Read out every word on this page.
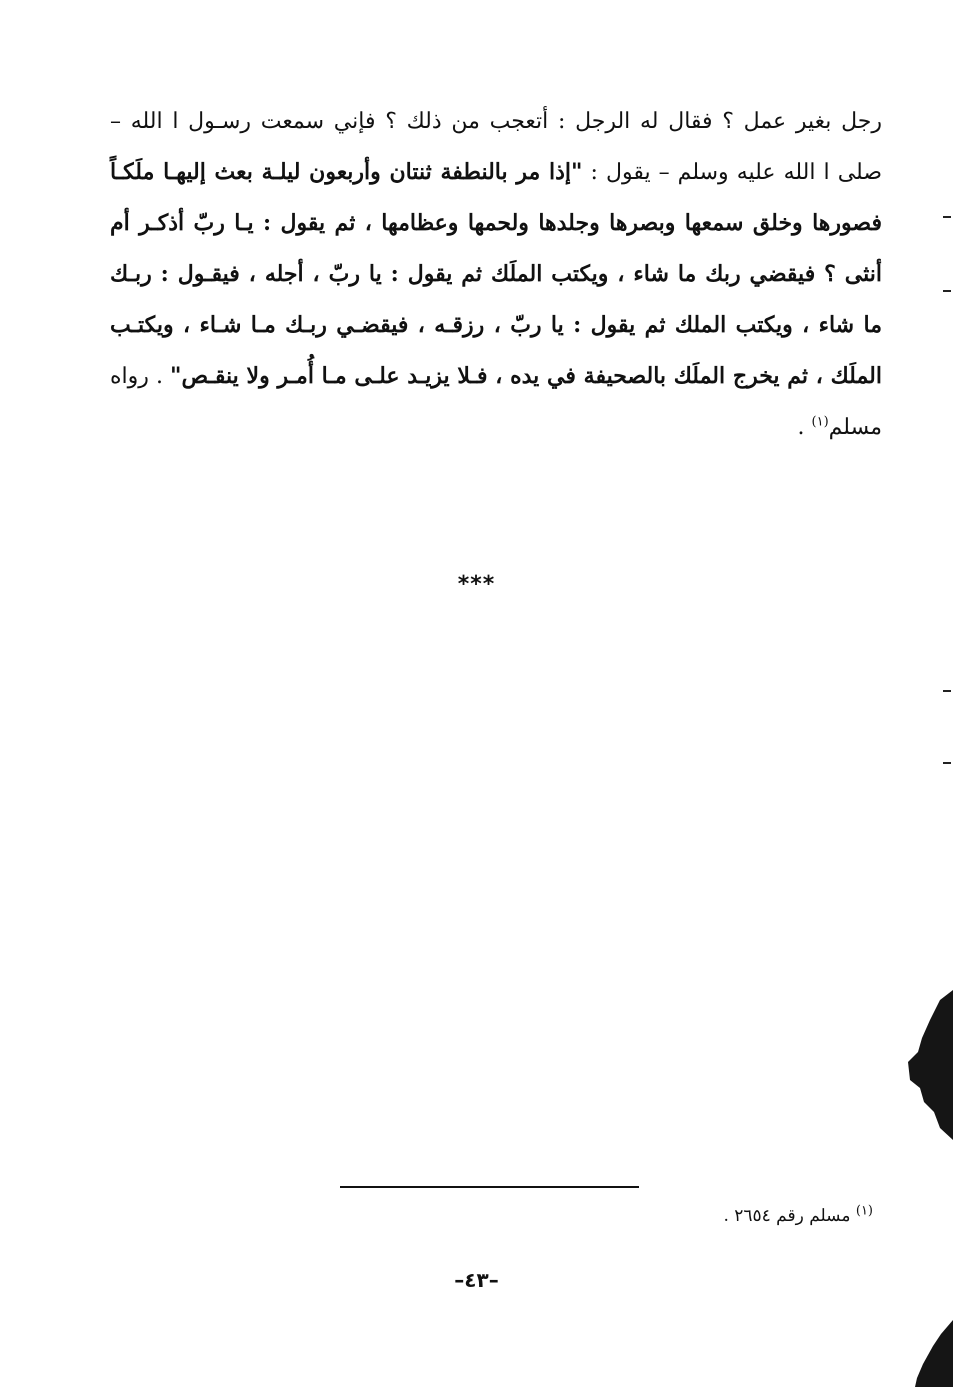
رجل بغير عمل ؟ فقال له الرجل : أتعجب من ذلك ؟ فإني سمعت رسـول ا الله –
صلى ا الله عليه وسلم – يقول : "إذا مر بالنطفة ثنتان وأربعون ليلـة بعث إليهـا ملَكـاً
فصورها وخلق سمعها وبصرها وجلدها ولحمها وعظامها ، ثم يقول : يـا ربّ أذكـر أم
أنثى ؟ فيقضي ربك ما شاء ، ويكتب الملَك ثم يقول : يا ربّ ، أجله ، فيقـول : ربـك
ما شاء ، ويكتب الملك ثم يقول : يا ربّ ، رزقـه ، فيقضـي ربـك مـا شـاء ، ويكتـب
الملَك ، ثم يخرج الملَك بالصحيفة في يده ، فـلا يزيـد علـى مـا أُمـر ولا ينقـص" . رواه
مسلم$^{(١)}$ .
***
$^{(١)}$ مسلم رقم ٢٦٥٤ .
–٤٣–
